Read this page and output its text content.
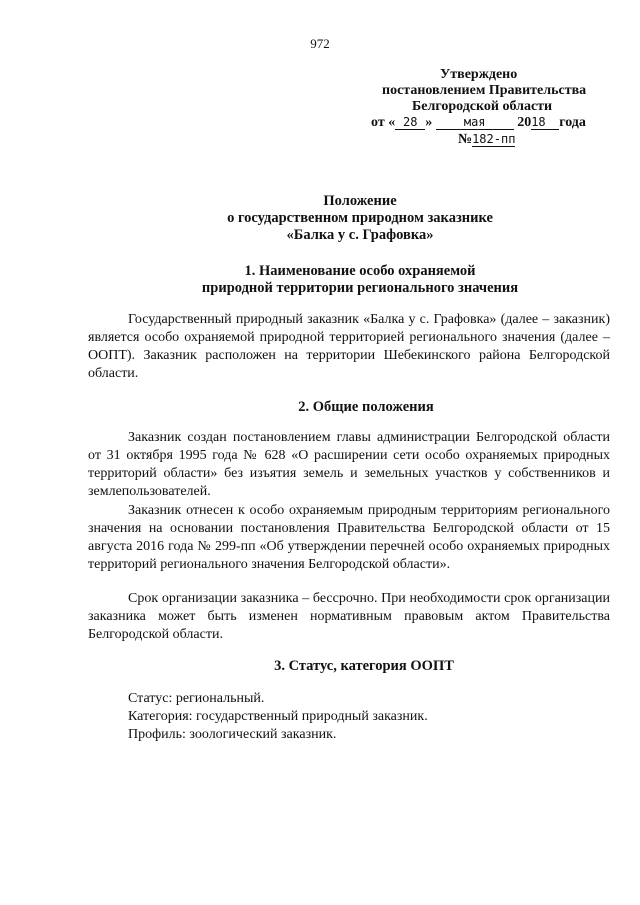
972
Утверждено
постановлением Правительства
Белгородской области
от « 28 »	мая 2018 года
№182-пп
Положение
о государственном природном заказнике
«Балка у с. Графовка»
1. Наименование особо охраняемой
природной территории регионального значения
Государственный природный заказник «Балка у с. Графовка» (далее – заказник) является особо охраняемой природной территорией регионального значения (далее – ООПТ). Заказник расположен на территории Шебекинского района Белгородской области.
2. Общие положения
Заказник создан постановлением главы администрации Белгородской области от 31 октября 1995 года № 628 «О расширении сети особо охраняемых природных территорий области» без изъятия земель и земельных участков у собственников и землепользователей.
Заказник отнесен к особо охраняемым природным территориям регионального значения на основании постановления Правительства Белгородской области от 15 августа 2016 года № 299-пп «Об утверждении перечней особо охраняемых природных территорий регионального значения Белгородской области».
Срок организации заказника – бессрочно. При необходимости срок организации заказника может быть изменен нормативным правовым актом Правительства Белгородской области.
3. Статус, категория ООПТ
Статус: региональный.
Категория: государственный природный заказник.
Профиль: зоологический заказник.
